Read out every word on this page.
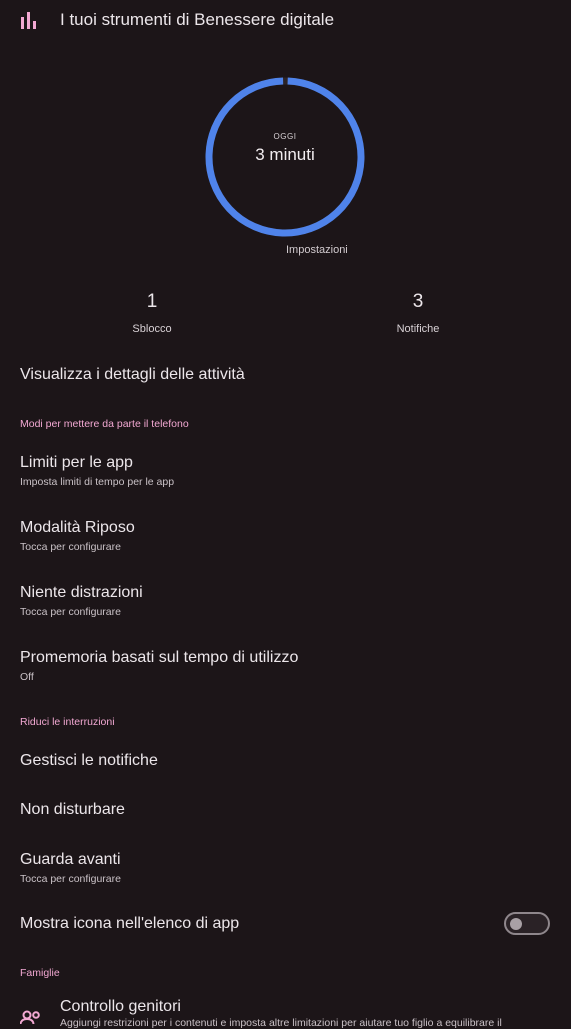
I tuoi strumenti di Benessere digitale
OGGI
3 minuti
Impostazioni
1
Sblocco
3
Notifiche
Visualizza i dettagli delle attività
Modi per mettere da parte il telefono
Limiti per le app
Imposta limiti di tempo per le app
Modalità Riposo
Tocca per configurare
Niente distrazioni
Tocca per configurare
Promemoria basati sul tempo di utilizzo
Off
Riduci le interruzioni
Gestisci le notifiche
Non disturbare
Guarda avanti
Tocca per configurare
Mostra icona nell'elenco di app
Famiglie
Controllo genitori
Aggiungi restrizioni per i contenuti e imposta altre limitazioni per aiutare tuo figlio a equilibrare il
